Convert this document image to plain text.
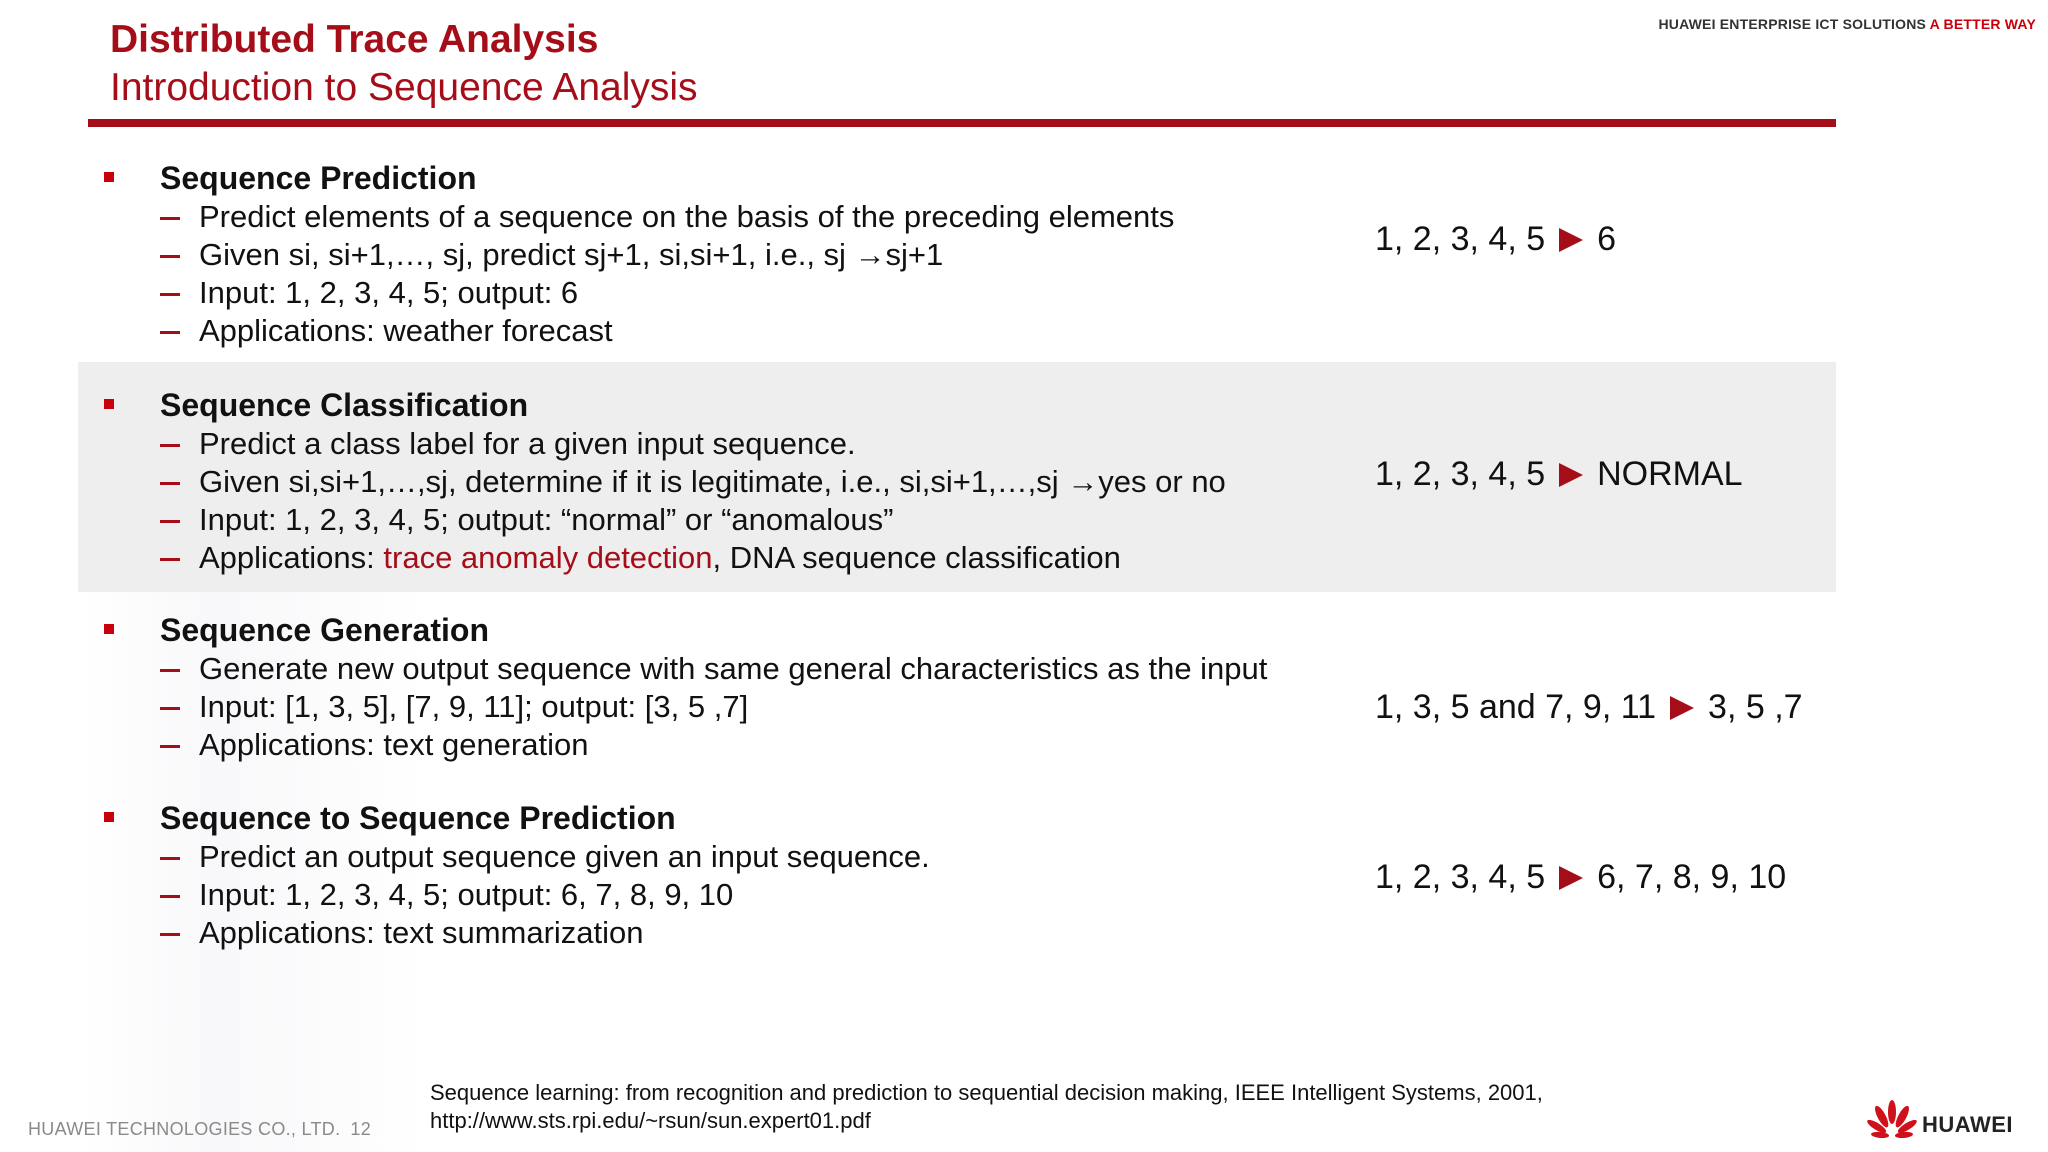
Distributed Trace Analysis
Introduction to Sequence Analysis
HUAWEI ENTERPRISE ICT SOLUTIONS A BETTER WAY
Sequence Prediction
Predict elements of a sequence on the basis of the preceding elements
Given si, si+1,…, sj, predict sj+1, si,si+1, i.e., sj →sj+1
Input: 1, 2, 3, 4, 5; output: 6
Applications: weather forecast
1, 2, 3, 4, 5 6
Sequence Classification
Predict a class label for a given input sequence.
Given si,si+1,…,sj, determine if it is legitimate, i.e., si,si+1,…,sj →yes or no
Input: 1, 2, 3, 4, 5; output: “normal” or “anomalous”
Applications: trace anomaly detection, DNA sequence classification
1, 2, 3, 4, 5 NORMAL
Sequence Generation
Generate new output sequence with same general characteristics as the input
Input: [1, 3, 5], [7, 9, 11]; output: [3, 5 ,7]
Applications: text generation
1, 3, 5 and 7, 9, 11 3, 5 ,7
Sequence to Sequence Prediction
Predict an output sequence given an input sequence.
Input: 1, 2, 3, 4, 5; output: 6, 7, 8, 9, 10
Applications: text summarization
1, 2, 3, 4, 5 6, 7, 8, 9, 10
Sequence learning: from recognition and prediction to sequential decision making, IEEE Intelligent Systems, 2001,
http://www.sts.rpi.edu/~rsun/sun.expert01.pdf
HUAWEI TECHNOLOGIES CO., LTD. 12	HUAWEI
